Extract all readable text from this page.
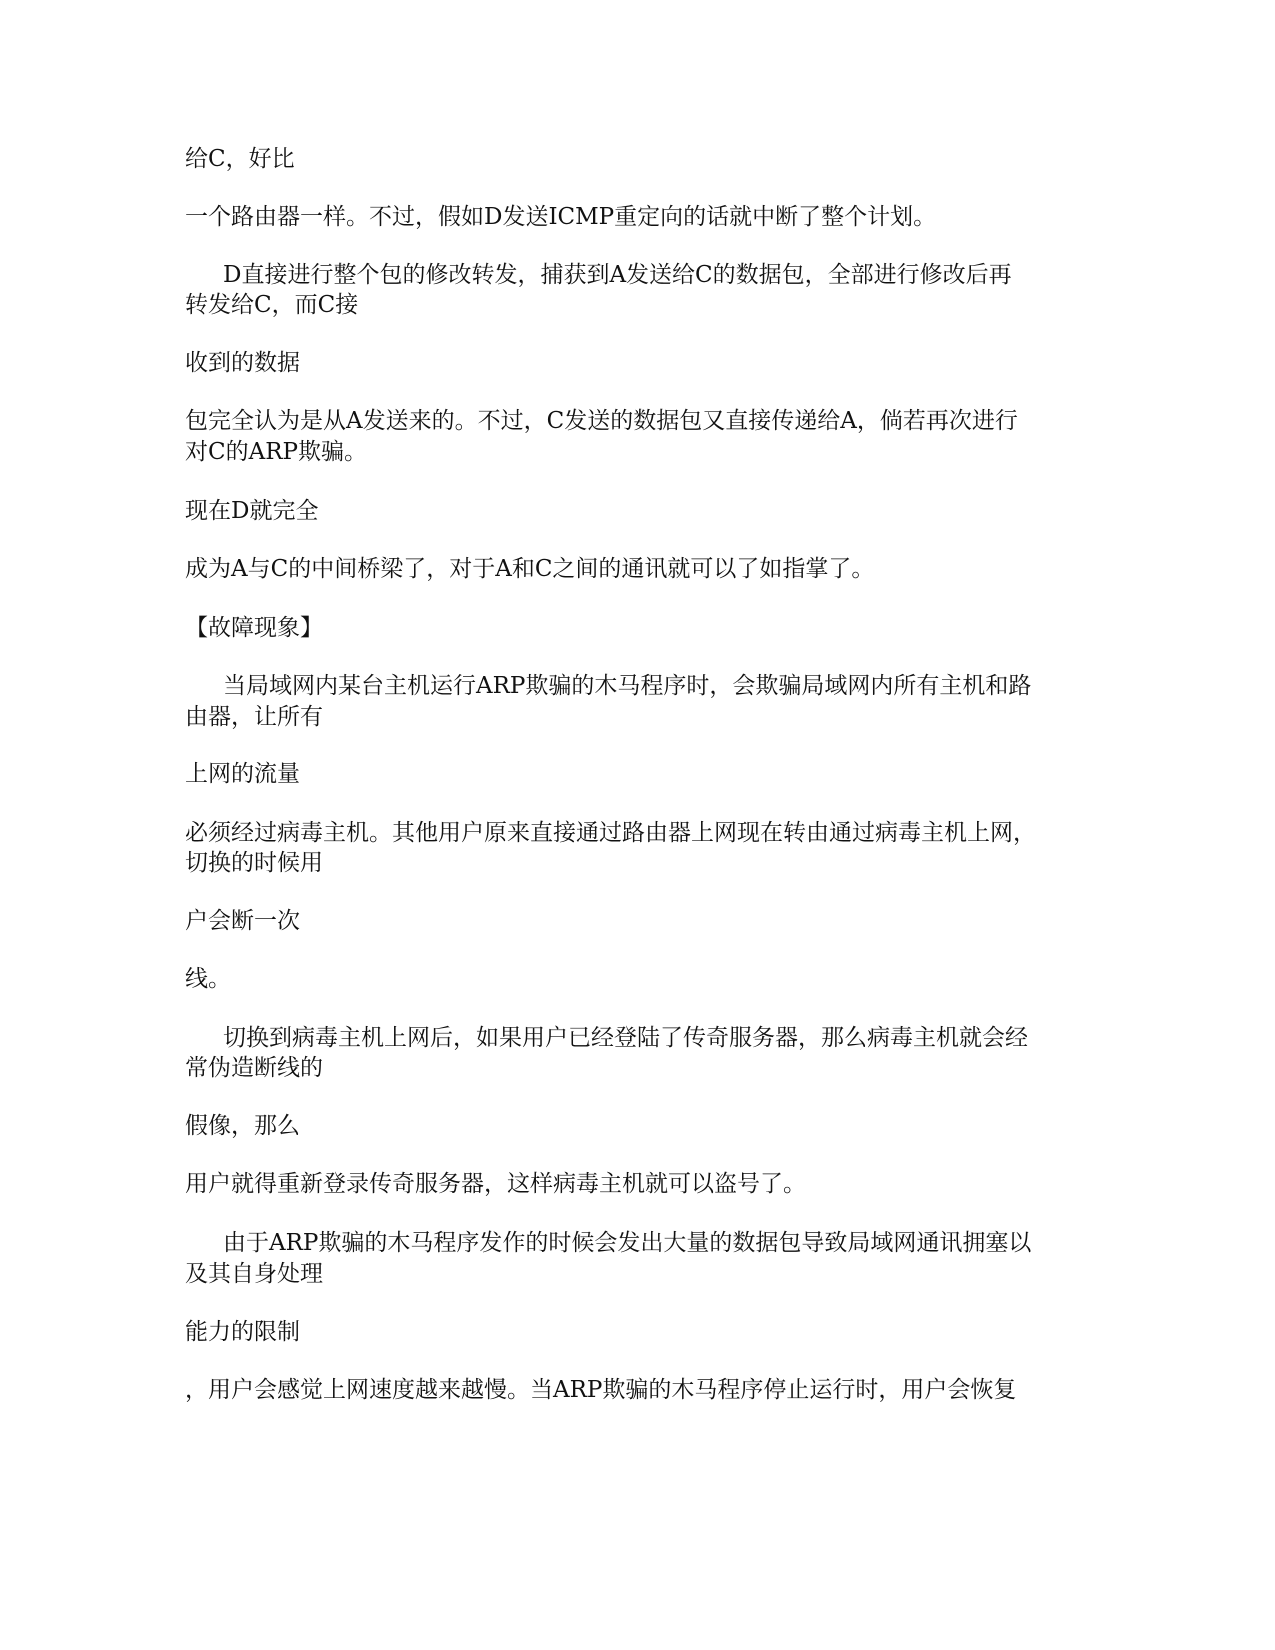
给C，好比
一个路由器一样。不过，假如D发送ICMP重定向的话就中断了整个计划。
D直接进行整个包的修改转发，捕获到A发送给C的数据包，全部进行修改后再
转发给C，而C接
收到的数据
包完全认为是从A发送来的。不过，C发送的数据包又直接传递给A，倘若再次进行
对C的ARP欺骗。
现在D就完全
成为A与C的中间桥梁了，对于A和C之间的通讯就可以了如指掌了。
【故障现象】
当局域网内某台主机运行ARP欺骗的木马程序时，会欺骗局域网内所有主机和路
由器，让所有
上网的流量
必须经过病毒主机。其他用户原来直接通过路由器上网现在转由通过病毒主机上网，
切换的时候用
户会断一次
线。
切换到病毒主机上网后，如果用户已经登陆了传奇服务器，那么病毒主机就会经
常伪造断线的
假像，那么
用户就得重新登录传奇服务器，这样病毒主机就可以盗号了。
由于ARP欺骗的木马程序发作的时候会发出大量的数据包导致局域网通讯拥塞以
及其自身处理
能力的限制
，用户会感觉上网速度越来越慢。当ARP欺骗的木马程序停止运行时，用户会恢复
